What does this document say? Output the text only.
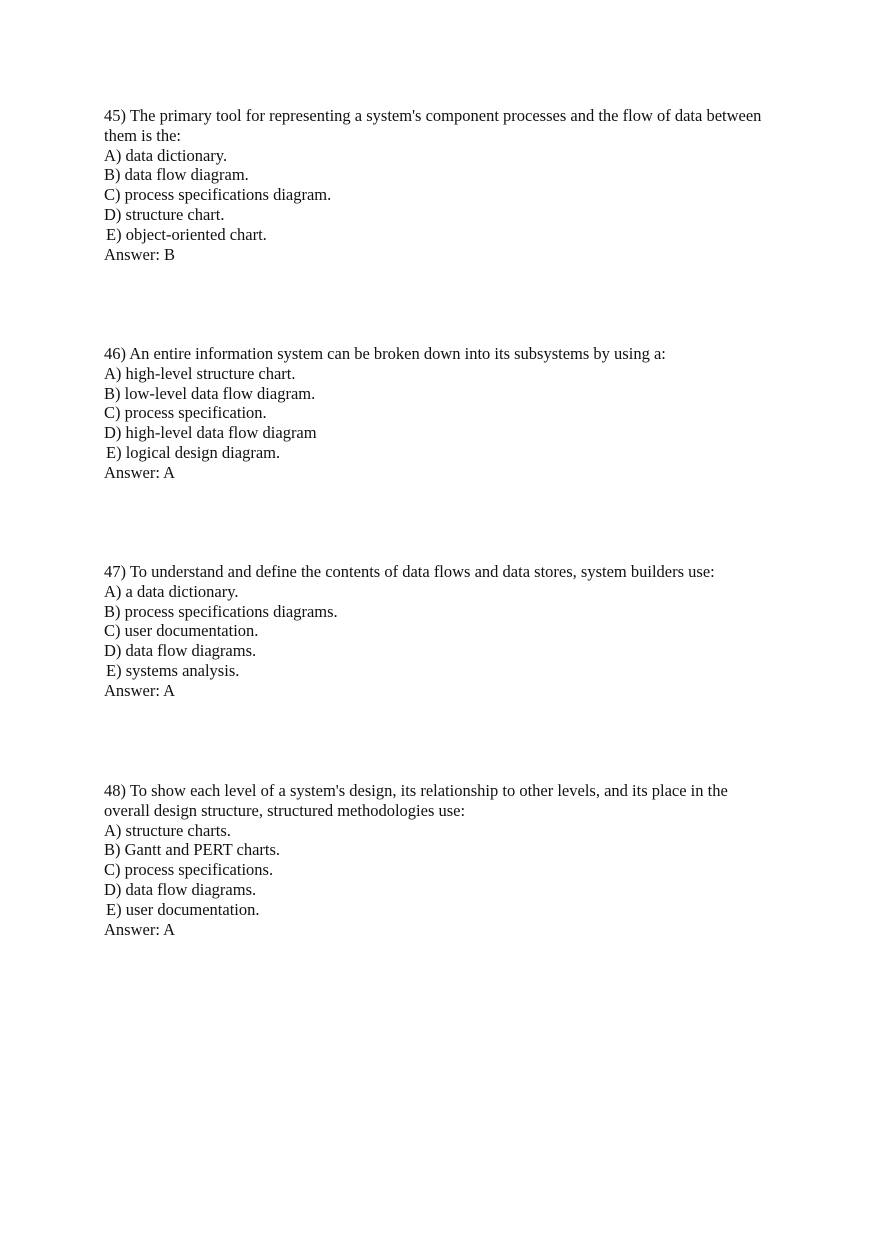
45) The primary tool for representing a system's component processes and the flow of data between them is the:

A) data dictionary.
B) data flow diagram.
C) process specifications diagram.
D) structure chart.
E) object-oriented chart.
Answer: B

46) An entire information system can be broken down into its subsystems by using a:

A) high-level structure chart.
B) low-level data flow diagram.
C) process specification.
D) high-level data flow diagram
E) logical design diagram.
Answer: A

47) To understand and define the contents of data flows and data stores, system builders use:

A) a data dictionary.
B) process specifications diagrams.
C) user documentation.
D) data flow diagrams.
E) systems analysis.
Answer: A

48) To show each level of a system's design, its relationship to other levels, and its place in the overall design structure, structured methodologies use:

A) structure charts.
B) Gantt and PERT charts.
C) process specifications.
D) data flow diagrams.
E) user documentation.
Answer: A
